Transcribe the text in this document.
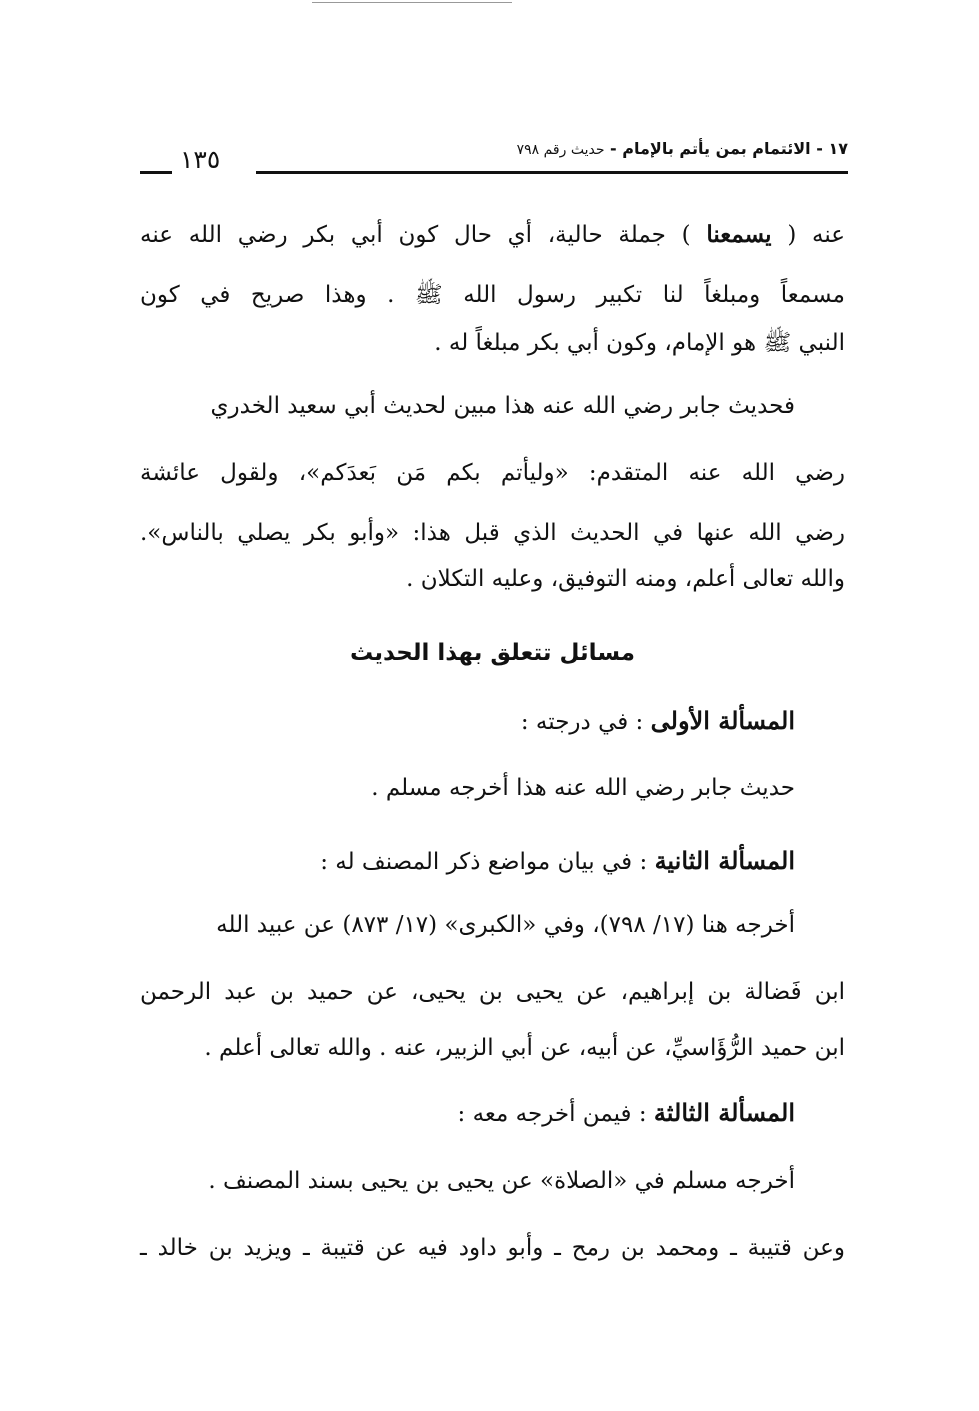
١٧ - الائتمام بمن يأتم بالإمام - حديث رقم ٧٩٨
١٣٥
عنه ( يسمعنا ) جملة حالية، أي حال كون أبي بكر رضي الله عنه
مسمعاً ومبلغاً لنا تكبير رسول الله ﷺ . وهذا صريح في كون
النبي ﷺ هو الإمام، وكون أبي بكر مبلغاً له .
فحديث جابر رضي الله عنه هذا مبين لحديث أبي سعيد الخدري
رضي الله عنه المتقدم: «وليأتم بكم مَن بَعدَكم»، ولقول عائشة
رضي الله عنها في الحديث الذي قبل هذا: «وأبو بكر يصلي بالناس».
والله تعالى أعلم، ومنه التوفيق، وعليه التكلان .
مسائل تتعلق بهذا الحديث
المسألة الأولى : في درجته :
حديث جابر رضي الله عنه هذا أخرجه مسلم .
المسألة الثانية : في بيان مواضع ذكر المصنف له :
أخرجه هنا (١٧/ ٧٩٨)، وفي «الكبرى» (١٧/ ٨٧٣) عن عبيد الله
ابن فَضالة بن إبراهيم، عن يحيى بن يحيى، عن حميد بن عبد الرحمن
ابن حميد الرُّؤَاسيِّ، عن أبيه، عن أبي الزبير، عنه . والله تعالى أعلم .
المسألة الثالثة : فيمن أخرجه معه :
أخرجه مسلم في «الصلاة» عن يحيى بن يحيى بسند المصنف .
وعن قتيبة ـ ومحمد بن رمح ـ وأبو داود فيه عن قتيبة ـ ويزيد بن خالد ـ
